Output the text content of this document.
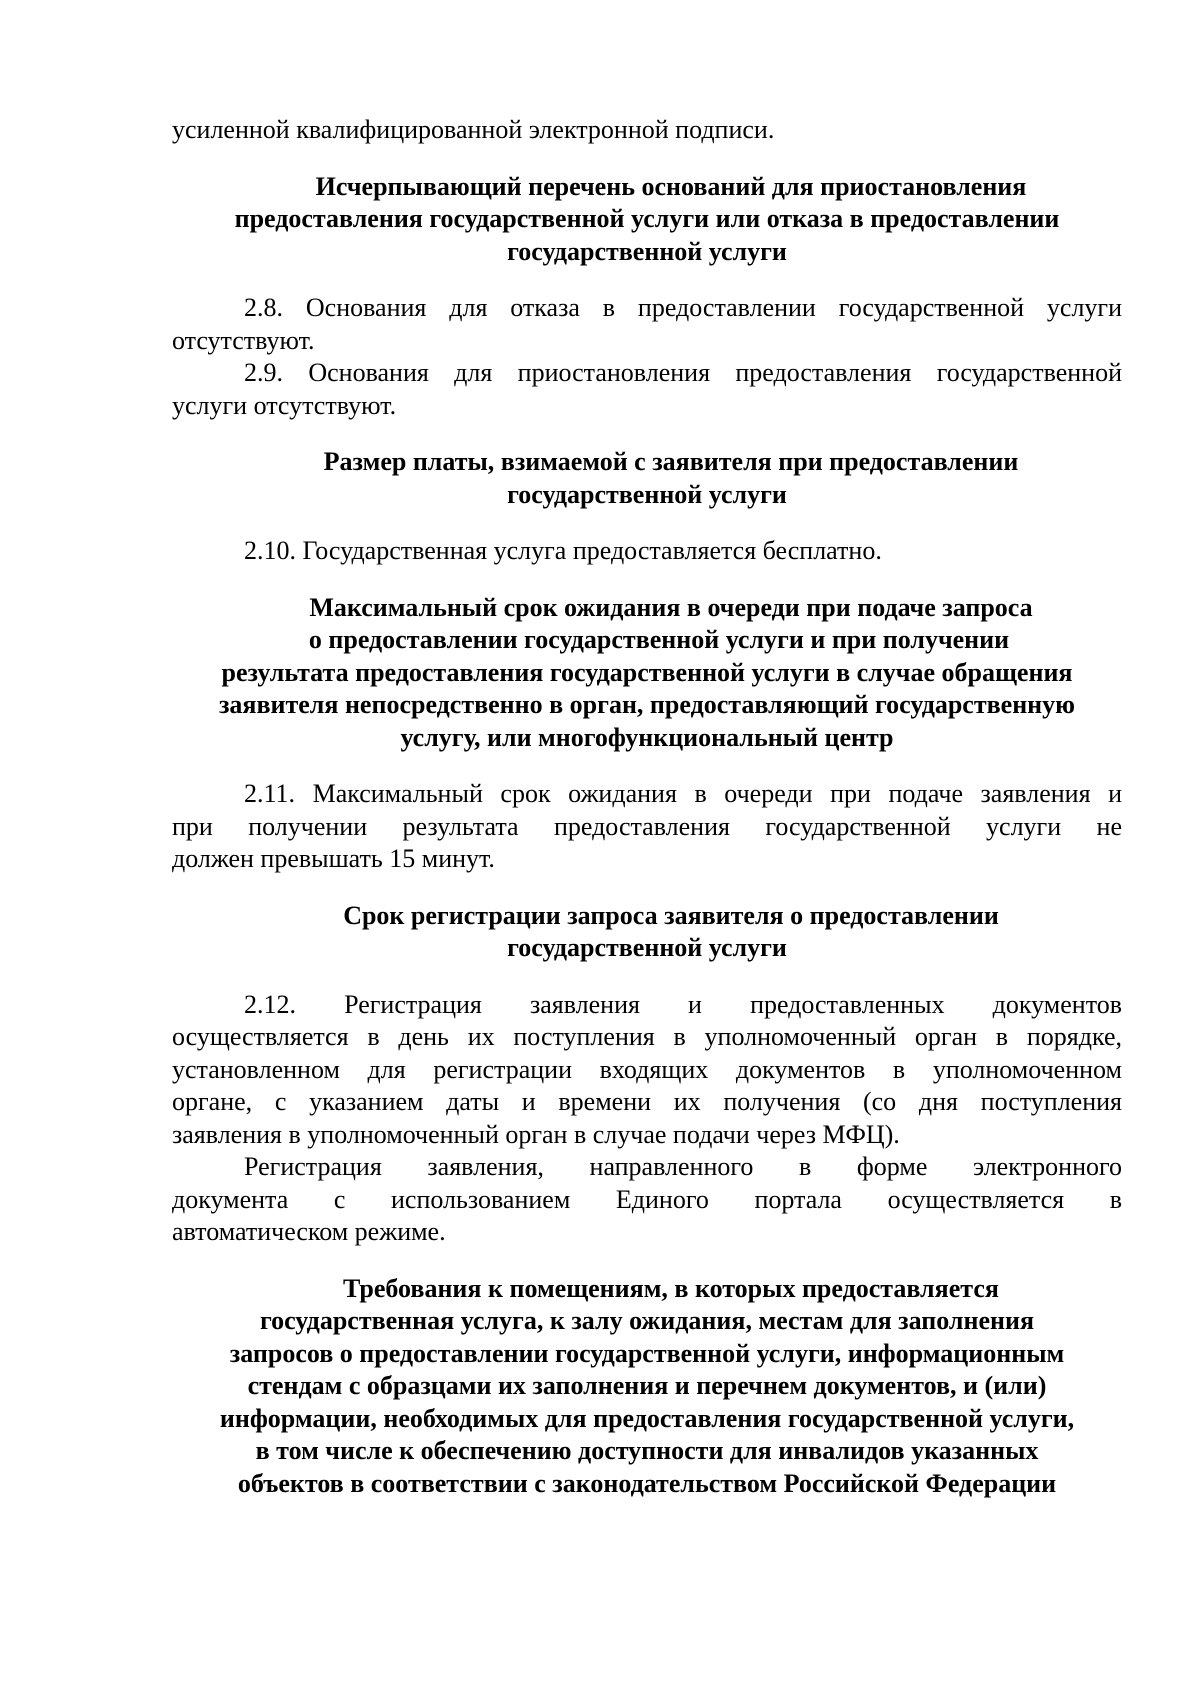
усиленной квалифицированной электронной подписи.

Исчерпывающий перечень оснований для приостановления
предоставления государственной услуги или отказа в предоставлении
государственной услуги

2.8. Основания для отказа в предоставлении государственной услуги
отсутствуют.

2.9. Основания для приостановления предоставления государственной
услуги отсутствуют.

Размер платы, взимаемой с заявителя при предоставлении
государственной услуги

2.10. Государственная услуга предоставляется бесплатно.

Максимальный срок ожидания в очереди при подаче запроса
о предоставлении государственной услуги и при получении
результата предоставления государственной услуги в случае обращения
заявителя непосредственно в орган, предоставляющий государственную
услугу, или многофункциональный центр

2.11. Максимальный срок ожидания в очереди при подаче заявления и
при получении результата предоставления государственной услуги не
должен превышать 15 минут.

Срок регистрации запроса заявителя о предоставлении
государственной услуги

2.12. Регистрация заявления и предоставленных документов
осуществляется в день их поступления в уполномоченный орган в порядке,
установленном для регистрации входящих документов в уполномоченном
органе, с указанием даты и времени их получения (со дня поступления
заявления в уполномоченный орган в случае подачи через МФЦ).

Регистрация заявления, направленного в форме электронного
документа с использованием Единого портала осуществляется в
автоматическом режиме.

Требования к помещениям, в которых предоставляется
государственная услуга, к залу ожидания, местам для заполнения
запросов о предоставлении государственной услуги, информационным
стендам с образцами их заполнения и перечнем документов, и (или)
информации, необходимых для предоставления государственной услуги,
в том числе к обеспечению доступности для инвалидов указанных
объектов в соответствии с законодательством Российской Федерации
